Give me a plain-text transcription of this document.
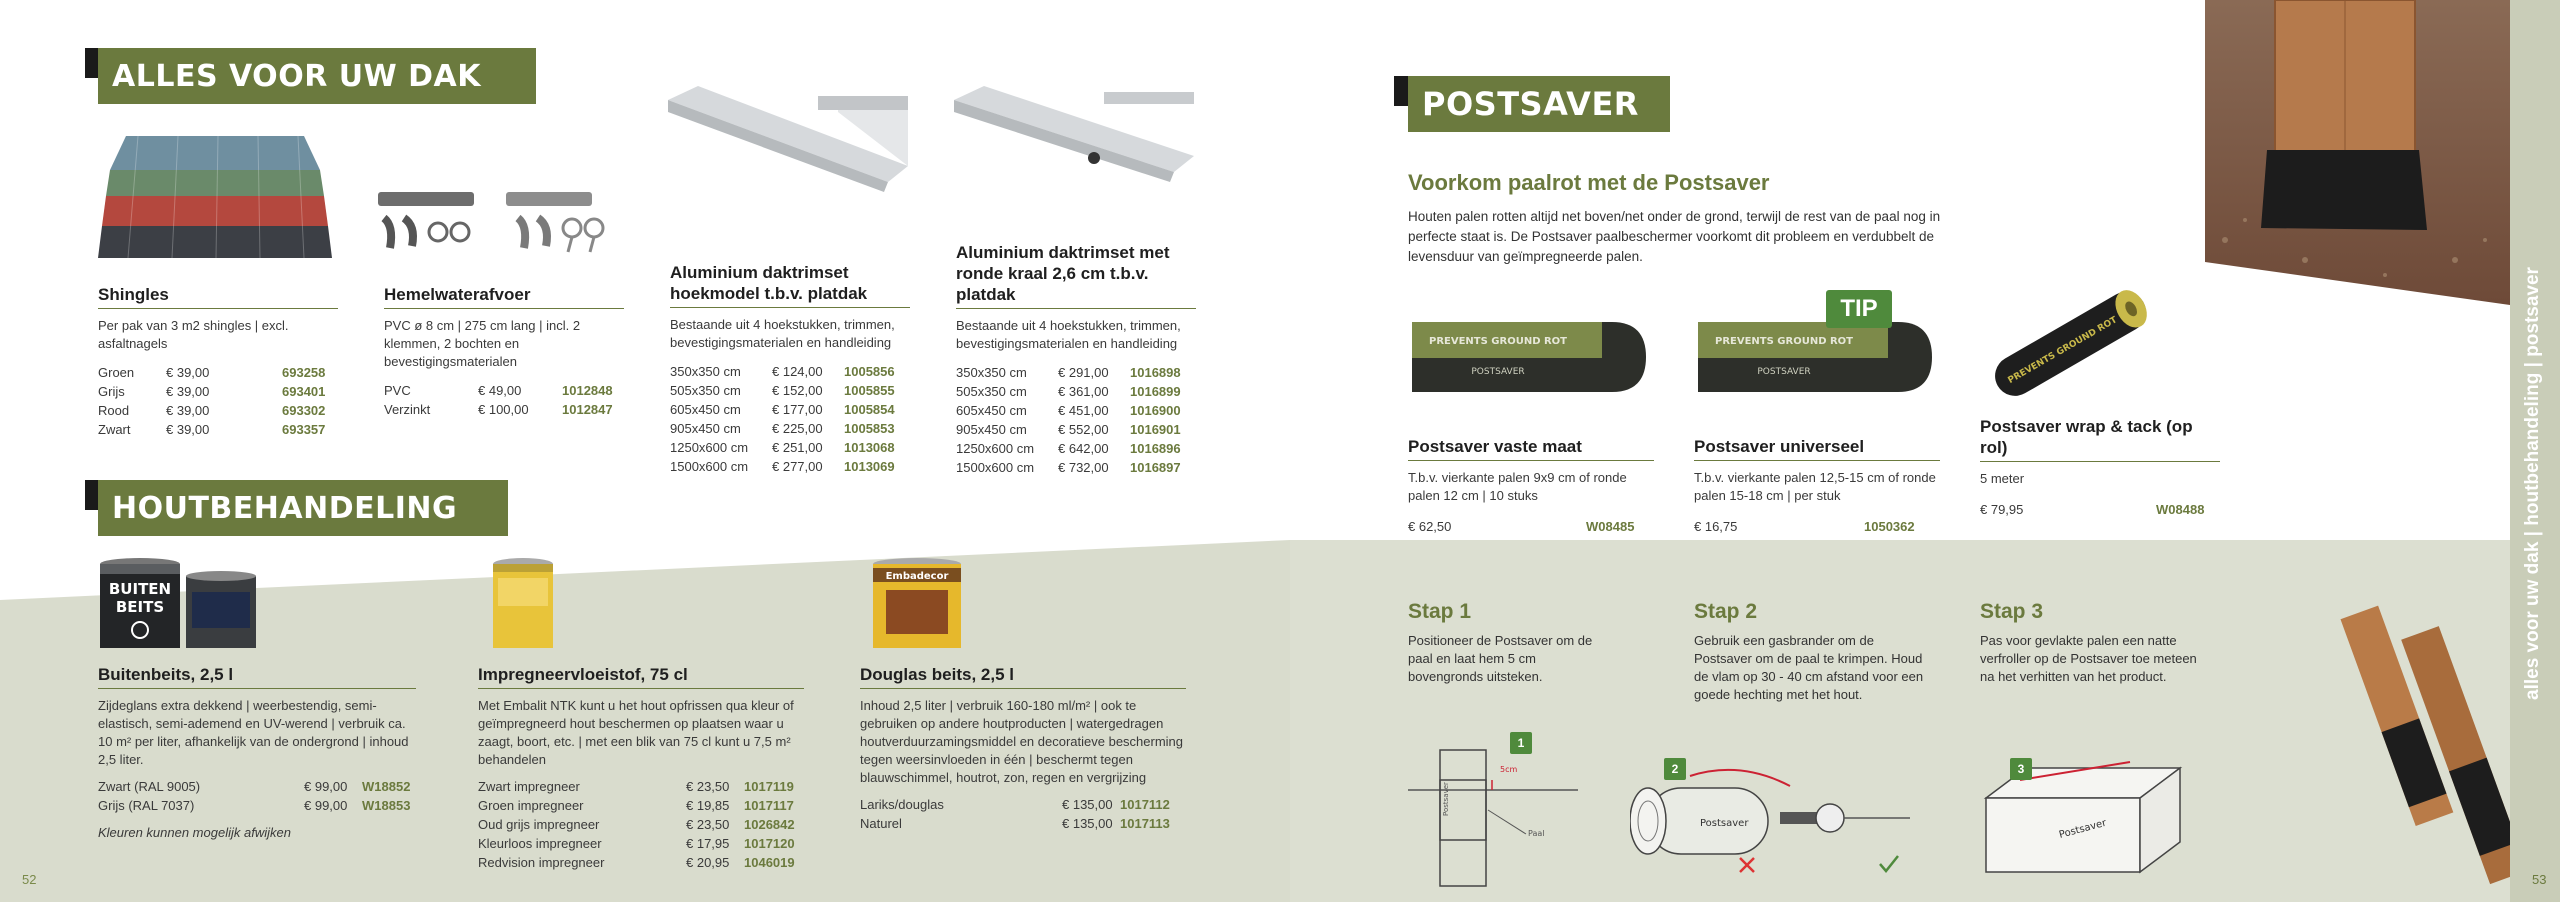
ALLES VOOR UW DAK
Shingles
Per pak van 3 m2 shingles | excl. asfaltnagels
Groen	€ 39,00	693258
Grijs	€ 39,00	693401
Rood	€ 39,00	693302
Zwart	€ 39,00	693357
Hemelwaterafvoer
PVC ø 8 cm | 275 cm lang | incl. 2 klemmen, 2 bochten en bevestigingsmaterialen
PVC	€ 49,00	1012848
Verzinkt	€ 100,00	1012847
Aluminium daktrimset hoekmodel t.b.v. platdak
Bestaande uit 4 hoekstukken, trimmen, bevestigingsmaterialen en handleiding
350x350 cm	€ 124,00	1005856
505x350 cm	€ 152,00	1005855
605x450 cm	€ 177,00	1005854
905x450 cm	€ 225,00	1005853
1250x600 cm	€ 251,00	1013068
1500x600 cm	€ 277,00	1013069
Aluminium daktrimset met ronde kraal 2,6 cm t.b.v. platdak
Bestaande uit 4 hoekstukken, trimmen, bevestigingsmaterialen en handleiding
350x350 cm	€ 291,00	1016898
505x350 cm	€ 361,00	1016899
605x450 cm	€ 451,00	1016900
905x450 cm	€ 552,00	1016901
1250x600 cm	€ 642,00	1016896
1500x600 cm	€ 732,00	1016897
HOUTBEHANDELING
BUITEN
BEITS
Embadecor
Buitenbeits, 2,5 l
Zijdeglans extra dekkend | weerbestendig, semi-elastisch, semi-ademend en UV-werend | verbruik ca. 10 m² per liter, afhankelijk van de ondergrond | inhoud 2,5 liter.
Zwart (RAL 9005)	€ 99,00	W18852
Grijs (RAL 7037)	€ 99,00	W18853
Kleuren kunnen mogelijk afwijken
Impregneervloeistof, 75 cl
Met Embalit NTK kunt u het hout opfrissen qua kleur of geïmpregneerd hout beschermen op plaatsen waar u zaagt, boort, etc. | met een blik van 75 cl kunt u 7,5 m² behandelen
Zwart impregneer	€ 23,50	1017119
Groen impregneer	€ 19,85	1017117
Oud grijs impregneer	€ 23,50	1026842
Kleurloos impregneer	€ 17,95	1017120
Redvision impregneer	€ 20,95	1046019
Douglas beits, 2,5 l
Inhoud 2,5 liter | verbruik 160-180 ml/m² | ook te gebruiken op andere houtproducten | watergedragen houtverduurzamingsmiddel en decoratieve bescherming tegen weersinvloeden in één | beschermt tegen blauwschimmel, houtrot, zon, regen en vergrijzing
Lariks/douglas	€ 135,00 1017112
Naturel	€ 135,00 1017113
52
alles voor uw dak | houtbehandeling | postsaver
POSTSAVER
Voorkom paalrot met de Postsaver
Houten palen rotten altijd net boven/net onder de grond, terwijl de rest van de paal nog in perfecte staat is. De Postsaver paalbeschermer voorkomt dit probleem en verdubbelt de levensduur van geïmpregneerde palen.
PREVENTS GROUND ROT
POSTSAVER
PREVENTS GROUND ROT
POSTSAVER
TIP
PREVENTS GROUND ROT
Postsaver vaste maat
T.b.v. vierkante palen 9x9 cm of ronde palen 12 cm | 10 stuks
€ 62,50	W08485
Postsaver universeel
T.b.v. vierkante palen 12,5-15 cm of ronde palen 15-18 cm | per stuk
€ 16,75	1050362
Postsaver wrap & tack (op rol)
5 meter
€ 79,95	W08488
Stap 1
Positioneer de Postsaver om de paal en laat hem 5 cm bovengronds uitsteken.
Stap 2
Gebruik een gasbrander om de Postsaver om de paal te krimpen. Houd de vlam op 30 - 40 cm afstand voor een goede hechting met het hout.
Stap 3
Pas voor gevlakte palen een natte verfroller op de Postsaver toe meteen na het verhitten van het product.
5cm
Postsaver
Paal
1
Postsaver
2
Postsaver
3
53
